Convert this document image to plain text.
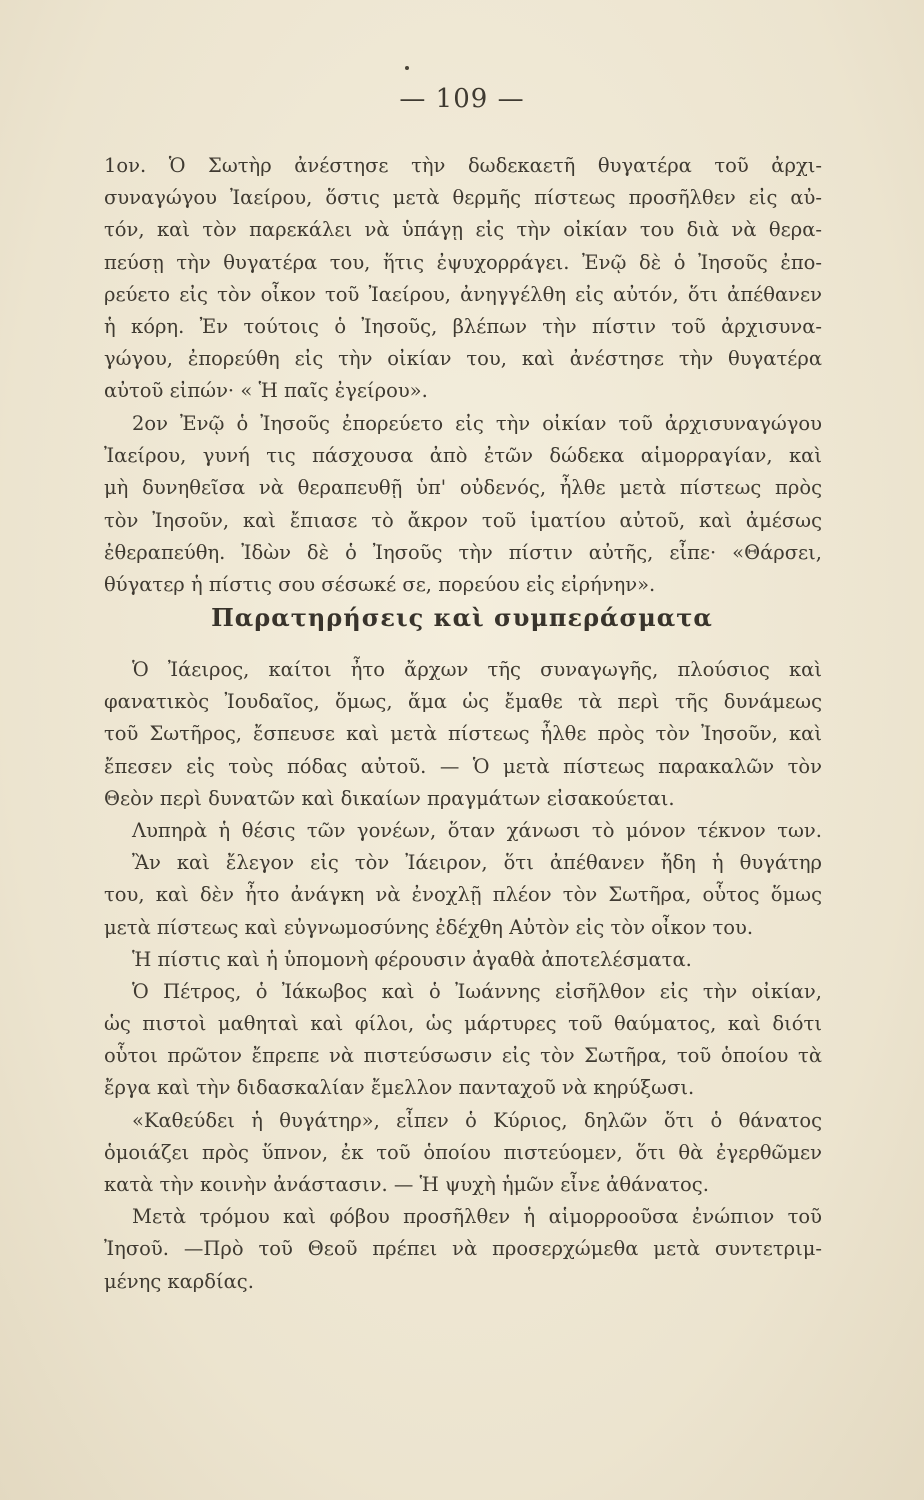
— 109 —
1ον. Ὁ Σωτὴρ ἀνέστησε τὴν δωδεκαετῆ θυγατέρα τοῦ ἀρχι-
συναγώγου Ἰαείρου, ὅστις μετὰ θερμῆς πίστεως προσῆλθεν εἰς αὐ-
τόν, καὶ τὸν παρεκάλει νὰ ὑπάγῃ εἰς τὴν οἰκίαν του διὰ νὰ θερα-
πεύσῃ τὴν θυγατέρα του, ἥτις ἐψυχορράγει. Ἐνῷ δὲ ὁ Ἰησοῦς ἐπο-
ρεύετο εἰς τὸν οἶκον τοῦ Ἰαείρου, ἀνηγγέλθη εἰς αὐτόν, ὅτι ἀπέθανεν
ἡ κόρη. Ἐν τούτοις ὁ Ἰησοῦς, βλέπων τὴν πίστιν τοῦ ἀρχισυνα-
γώγου, ἐπορεύθη εἰς τὴν οἰκίαν του, καὶ ἀνέστησε τὴν θυγατέρα
αὐτοῦ εἰπών· « Ἡ παῖς ἐγείρου».
2ον Ἐνῷ ὁ Ἰησοῦς ἐπορεύετο εἰς τὴν οἰκίαν τοῦ ἀρχισυναγώγου
Ἰαείρου, γυνή τις πάσχουσα ἀπὸ ἐτῶν δώδεκα αἱμορραγίαν, καὶ
μὴ δυνηθεῖσα νὰ θεραπευθῇ ὑπ' οὐδενός, ἦλθε μετὰ πίστεως πρὸς
τὸν Ἰησοῦν, καὶ ἔπιασε τὸ ἄκρον τοῦ ἱματίου αὐτοῦ, καὶ ἀμέσως
ἐθεραπεύθη. Ἰδὼν δὲ ὁ Ἰησοῦς τὴν πίστιν αὐτῆς, εἶπε· «Θάρσει,
θύγατερ ἡ πίστις σου σέσωκέ σε, πορεύου εἰς εἰρήνην».
Παρατηρήσεις καὶ συμπεράσματα
Ὁ Ἰάειρος, καίτοι ἦτο ἄρχων τῆς συναγωγῆς, πλούσιος καὶ
φανατικὸς Ἰουδαῖος, ὅμως, ἅμα ὡς ἔμαθε τὰ περὶ τῆς δυνάμεως
τοῦ Σωτῆρος, ἔσπευσε καὶ μετὰ πίστεως ἦλθε πρὸς τὸν Ἰησοῦν, καὶ
ἔπεσεν εἰς τοὺς πόδας αὐτοῦ. — Ὁ μετὰ πίστεως παρακαλῶν τὸν
Θεὸν περὶ δυνατῶν καὶ δικαίων πραγμάτων εἰσακούεται.
Λυπηρὰ ἡ θέσις τῶν γονέων, ὅταν χάνωσι τὸ μόνον τέκνον των.
Ἂν καὶ ἔλεγον εἰς τὸν Ἰάειρον, ὅτι ἀπέθανεν ἤδη ἡ θυγάτηρ
του, καὶ δὲν ἦτο ἀνάγκη νὰ ἐνοχλῇ πλέον τὸν Σωτῆρα, οὗτος ὅμως
μετὰ πίστεως καὶ εὐγνωμοσύνης ἐδέχθη Αὐτὸν εἰς τὸν οἶκον του.
Ἡ πίστις καὶ ἡ ὑπομονὴ φέρουσιν ἀγαθὰ ἀποτελέσματα.
Ὁ Πέτρος, ὁ Ἰάκωβος καὶ ὁ Ἰωάννης εἰσῆλθον εἰς τὴν οἰκίαν,
ὡς πιστοὶ μαθηταὶ καὶ φίλοι, ὡς μάρτυρες τοῦ θαύματος, καὶ διότι
οὗτοι πρῶτον ἔπρεπε νὰ πιστεύσωσιν εἰς τὸν Σωτῆρα, τοῦ ὁποίου τὰ
ἔργα καὶ τὴν διδασκαλίαν ἔμελλον πανταχοῦ νὰ κηρύξωσι.
«Καθεύδει ἡ θυγάτηρ», εἶπεν ὁ Κύριος, δηλῶν ὅτι ὁ θάνατος
ὁμοιάζει πρὸς ὕπνον, ἐκ τοῦ ὁποίου πιστεύομεν, ὅτι θὰ ἐγερθῶμεν
κατὰ τὴν κοινὴν ἀνάστασιν. — Ἡ ψυχὴ ἡμῶν εἶνε ἀθάνατος.
Μετὰ τρόμου καὶ φόβου προσῆλθεν ἡ αἱμορροοῦσα ἐνώπιον τοῦ
Ἰησοῦ. —Πρὸ τοῦ Θεοῦ πρέπει νὰ προσερχώμεθα μετὰ συντετριμ-
μένης καρδίας.
